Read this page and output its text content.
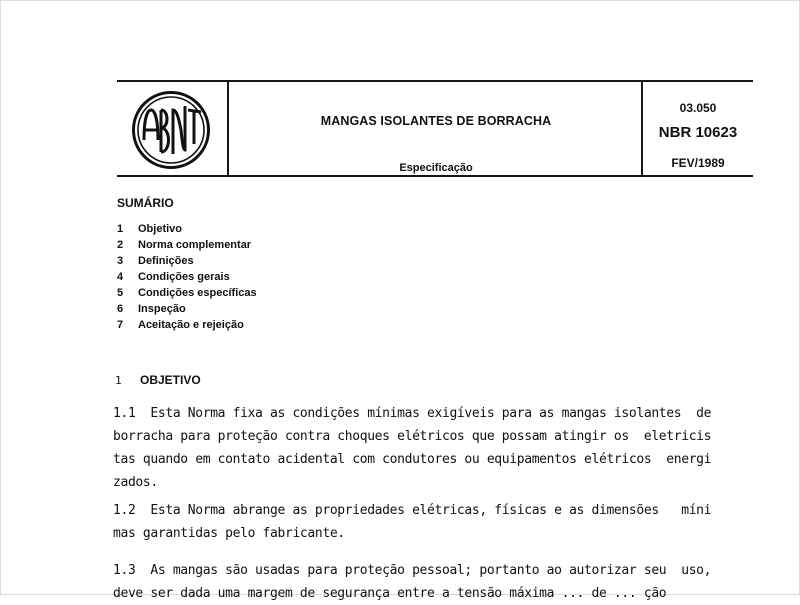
MANGAS ISOLANTES DE BORRACHA
Especificação
03.050
NBR 10623
FEV/1989
SUMÁRIO
1 Objetivo
2 Norma complementar
3 Definições
4 Condições gerais
5 Condições específicas
6 Inspeção
7 Aceitação e rejeição
1 OBJETIVO
1.1  Esta Norma fixa as condições mínimas exigíveis para as mangas isolantes  de
borracha para proteção contra choques elétricos que possam atingir os  eletricis
tas quando em contato acidental com condutores ou equipamentos elétricos  energi
zados.
1.2  Esta Norma abrange as propriedades elétricas, físicas e as dimensões   míni
mas garantidas pelo fabricante.
1.3  As mangas são usadas para proteção pessoal; portanto ao autorizar seu  uso,
deve ser dada uma margem de segurança entre a tensão máxima ... de ... ção
